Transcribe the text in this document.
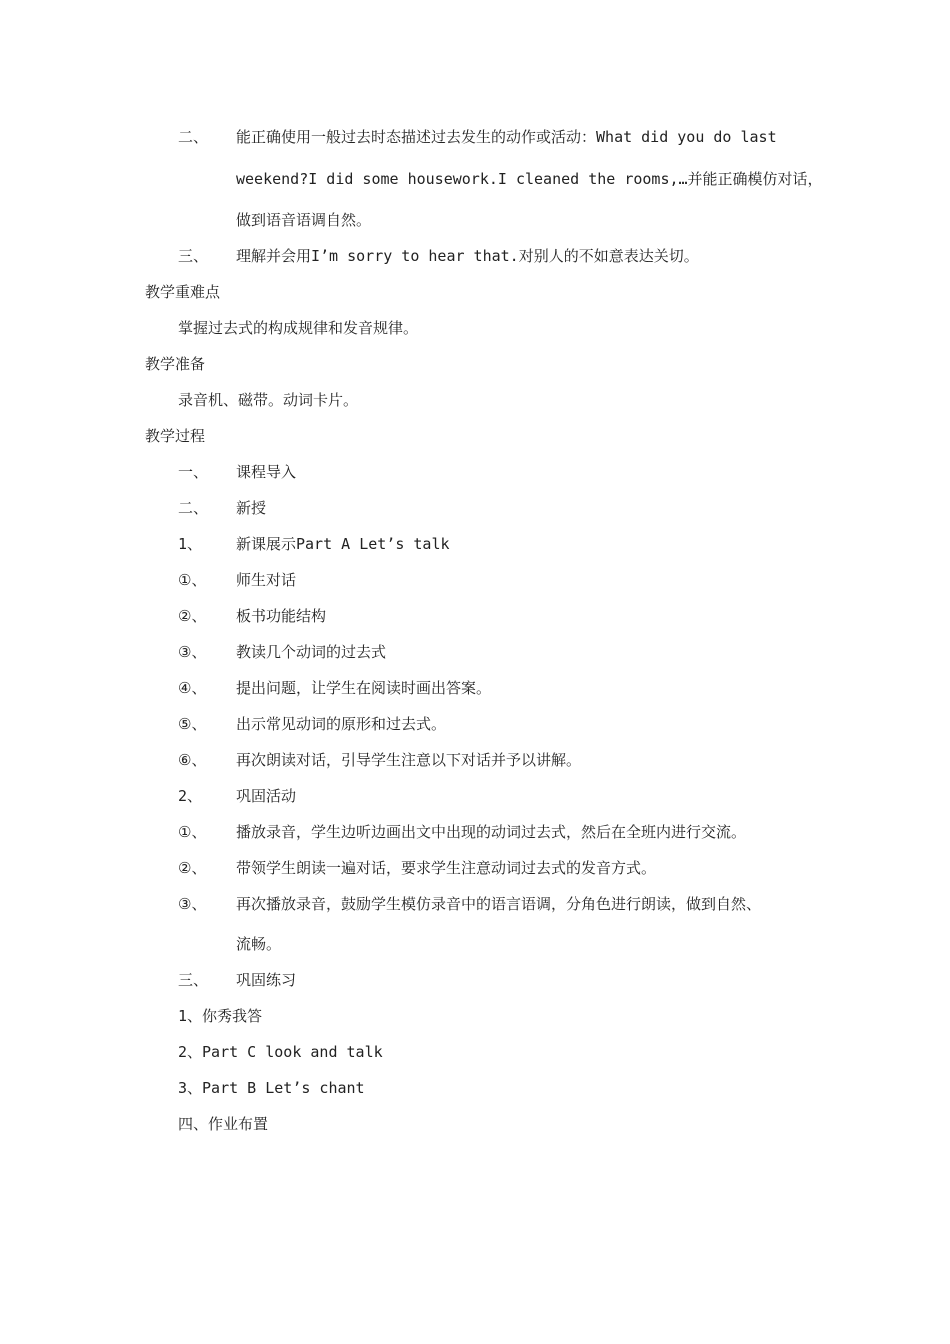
二、 能正确使用一般过去时态描述过去发生的动作或活动：What did you do last
weekend?I did some housework.I cleaned the rooms,…并能正确模仿对话，
做到语音语调自然。
三、 理解并会用I’m sorry to hear that.对别人的不如意表达关切。
教学重难点
掌握过去式的构成规律和发音规律。
教学准备
录音机、磁带。动词卡片。
教学过程
一、 课程导入
二、 新授
1、 新课展示Part A Let’s talk
①、 师生对话
②、 板书功能结构
③、 教读几个动词的过去式
④、 提出问题，让学生在阅读时画出答案。
⑤、 出示常见动词的原形和过去式。
⑥、 再次朗读对话，引导学生注意以下对话并予以讲解。
2、 巩固活动
①、 播放录音，学生边听边画出文中出现的动词过去式，然后在全班内进行交流。
②、 带领学生朗读一遍对话，要求学生注意动词过去式的发音方式。
③、 再次播放录音，鼓励学生模仿录音中的语言语调，分角色进行朗读，做到自然、
流畅。
三、 巩固练习
1、你秀我答
2、Part C look and talk
3、Part B Let’s chant
四、作业布置
